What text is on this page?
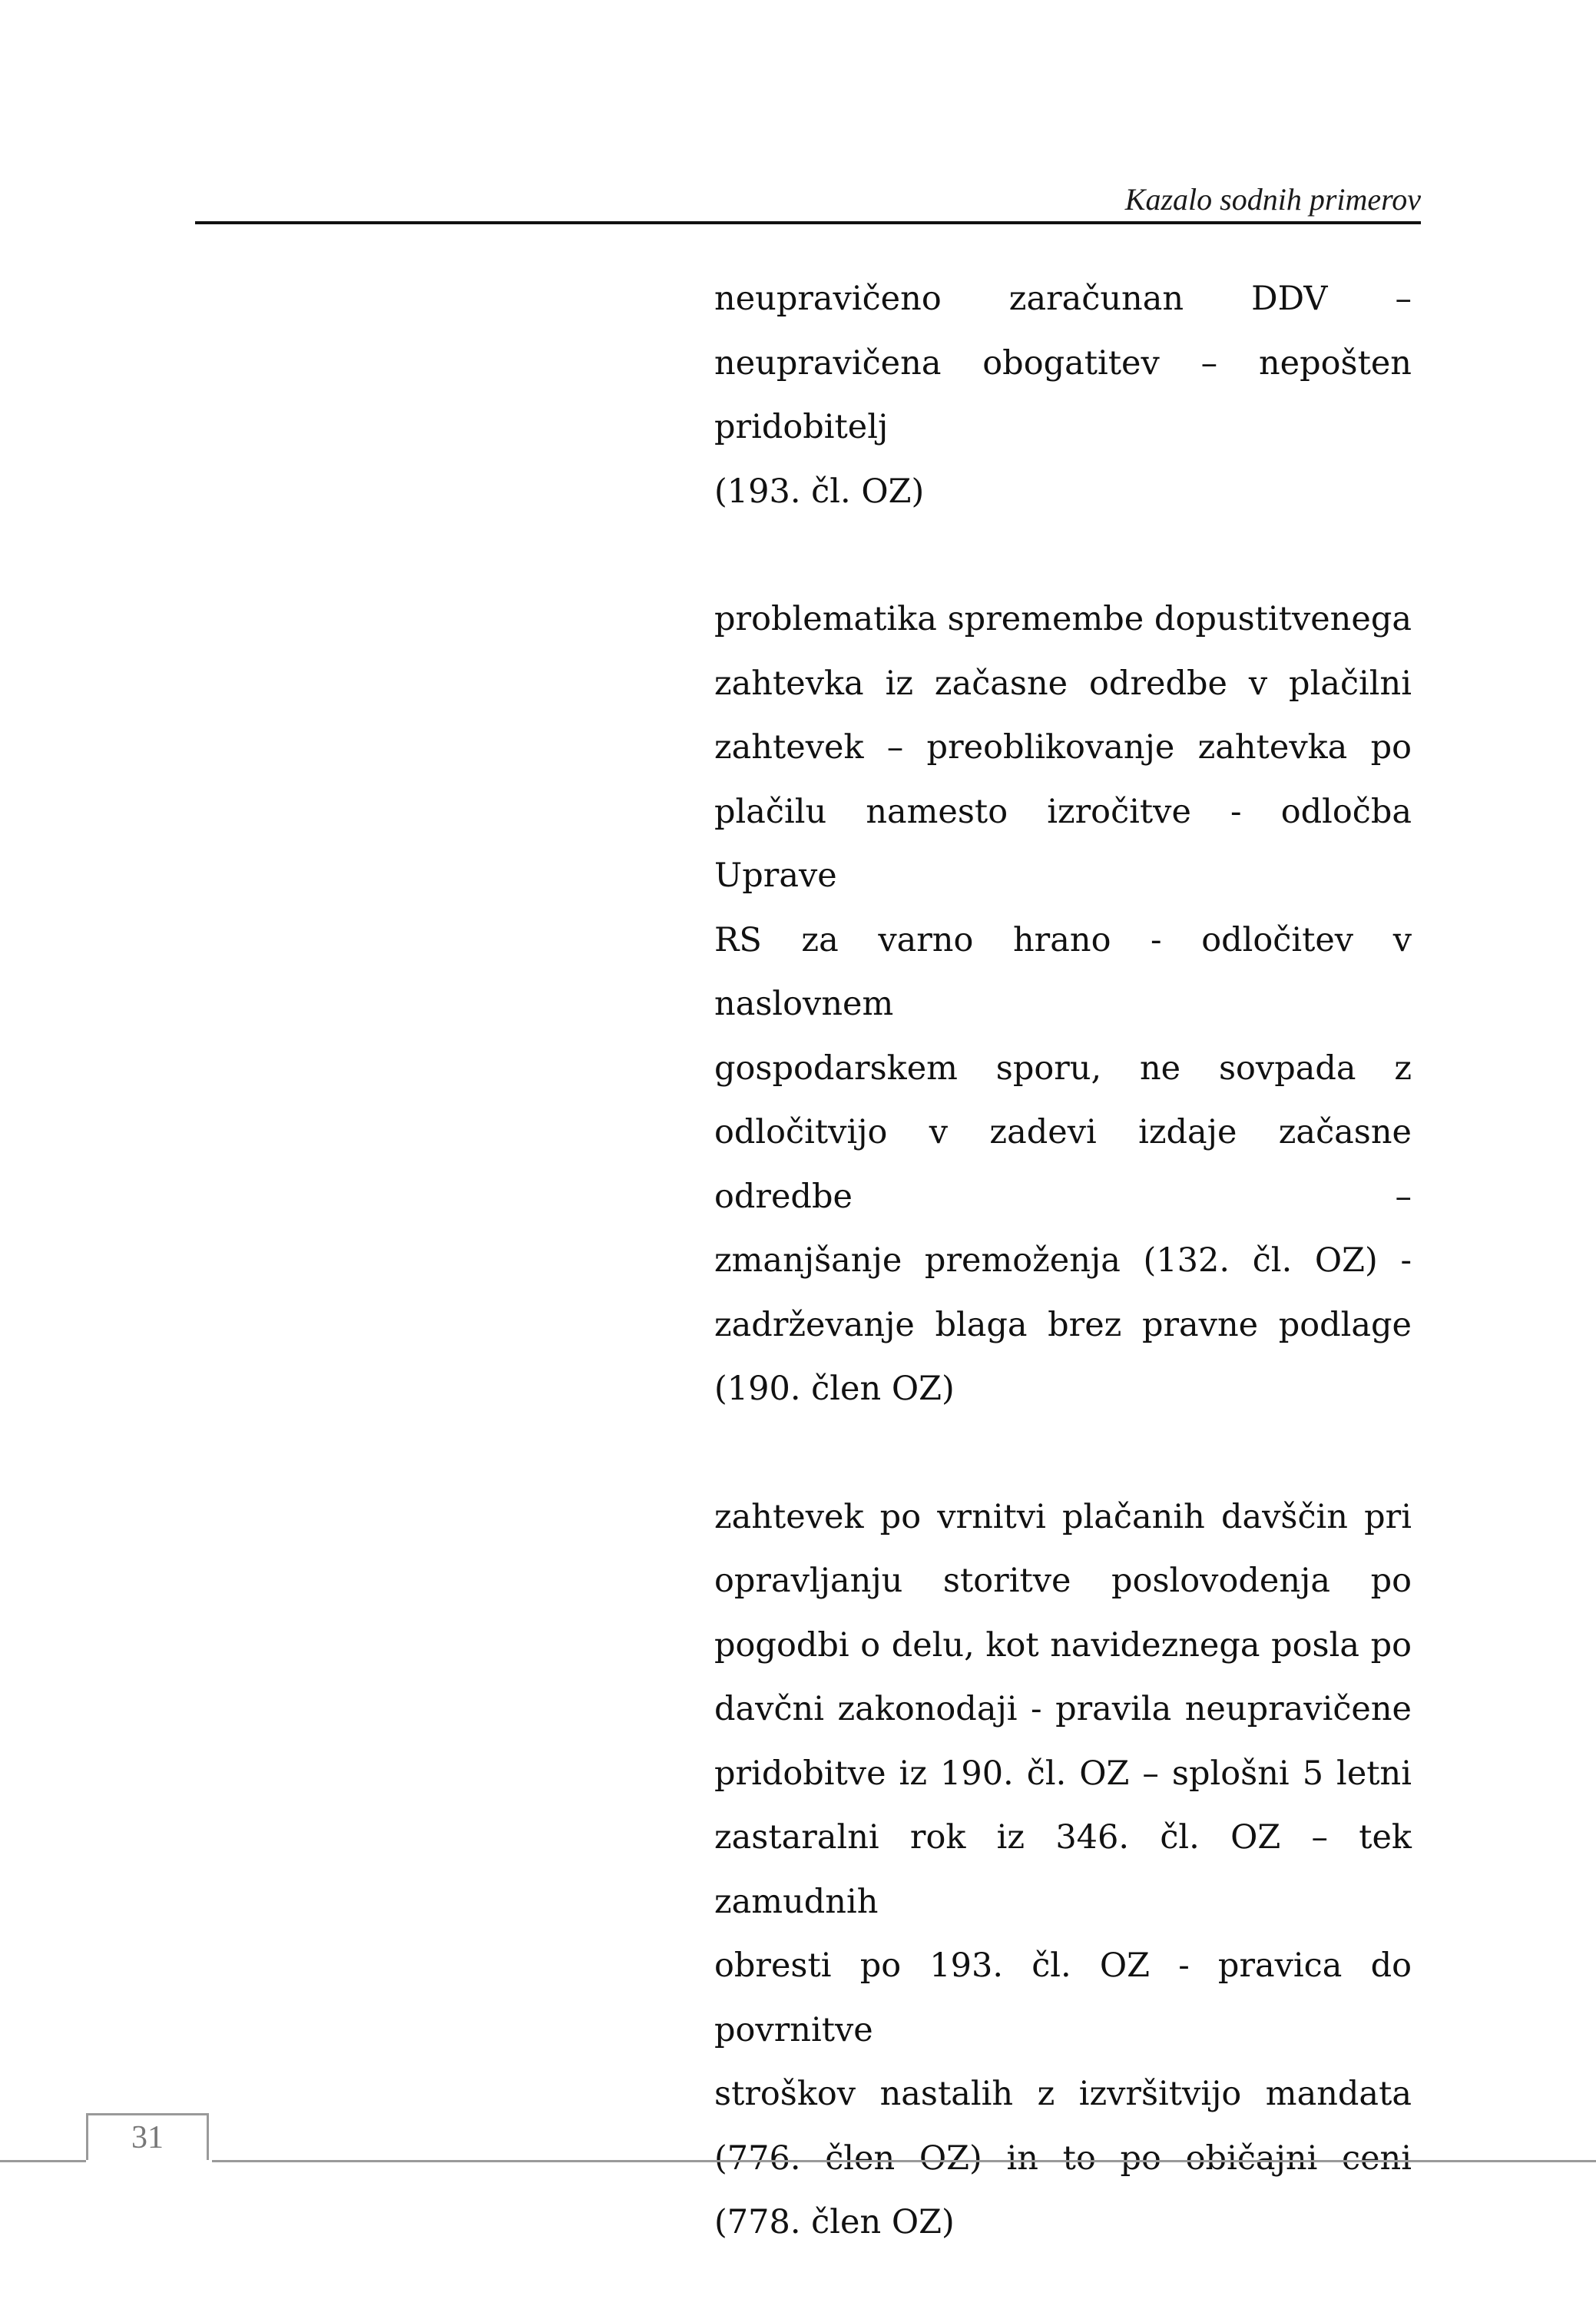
Kazalo sodnih primerov

neupravičeno zaračunan DDV –
neupravičena obogatitev – nepošten
pridobitelj
(193. čl. OZ)

problematika spremembe dopustitvenega
zahtevka iz začasne odredbe v plačilni
zahtevek – preoblikovanje zahtevka po
plačilu namesto izročitve - odločba Uprave
RS za varno hrano - odločitev v naslovnem
gospodarskem sporu, ne sovpada z
odločitvijo v zadevi izdaje začasne odredbe –
zmanjšanje premoženja (132. čl. OZ) -
zadrževanje blaga brez pravne podlage
(190. člen OZ)

zahtevek po vrnitvi plačanih davščin pri
opravljanju storitve poslovodenja po
pogodbi o delu, kot navideznega posla po
davčni zakonodaji - pravila neupravičene
pridobitve iz 190. čl. OZ – splošni 5 letni
zastaralni rok iz 346. čl. OZ – tek zamudnih
obresti po 193. čl. OZ - pravica do povrnitve
stroškov nastalih z izvršitvijo mandata
(776. člen OZ) in to po običajni ceni
(778. člen OZ)

31
